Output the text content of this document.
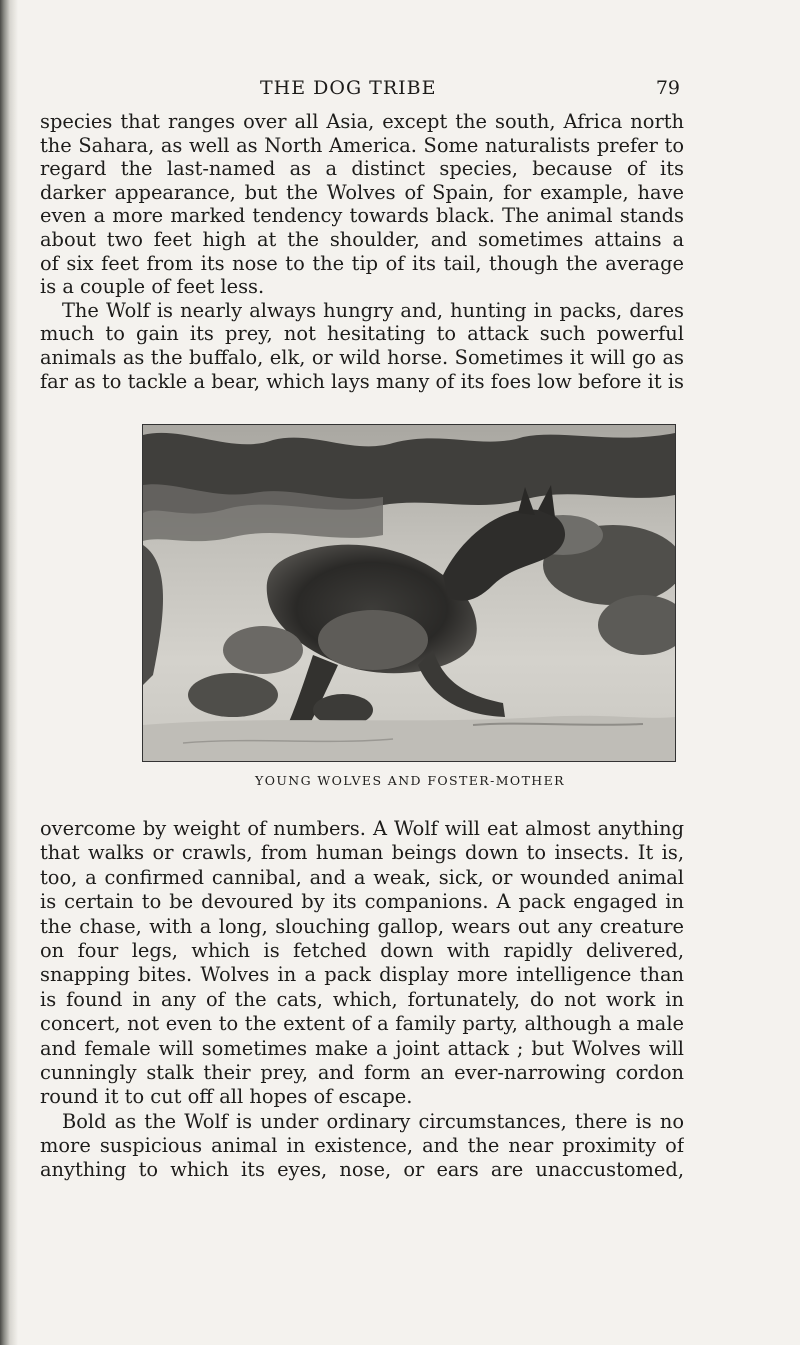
THE DOG TRIBE	79
species that ranges over all Asia, except the south, Africa north
the Sahara, as well as North America. Some naturalists prefer to
regard the last-named as a distinct species, because of its
darker appearance, but the Wolves of Spain, for example, have
even a more marked tendency towards black. The animal stands
about two feet high at the shoulder, and sometimes attains a
of six feet from its nose to the tip of its tail, though the average
is a couple of feet less.
The Wolf is nearly always hungry and, hunting in packs, dares
much to gain its prey, not hesitating to attack such powerful
animals as the buffalo, elk, or wild horse. Sometimes it will go as
far as to tackle a bear, which lays many of its foes low before it is
YOUNG WOLVES AND FOSTER-MOTHER
overcome by weight of numbers. A Wolf will eat almost anything
that walks or crawls, from human beings down to insects. It is,
too, a confirmed cannibal, and a weak, sick, or wounded animal
is certain to be devoured by its companions. A pack engaged in
the chase, with a long, slouching gallop, wears out any creature
on four legs, which is fetched down with rapidly delivered,
snapping bites. Wolves in a pack display more intelligence than
is found in any of the cats, which, fortunately, do not work in
concert, not even to the extent of a family party, although a male
and female will sometimes make a joint attack ; but Wolves will
cunningly stalk their prey, and form an ever-narrowing cordon
round it to cut off all hopes of escape.
Bold as the Wolf is under ordinary circumstances, there is no
more suspicious animal in existence, and the near proximity of
anything to which its eyes, nose, or ears are unaccustomed,
